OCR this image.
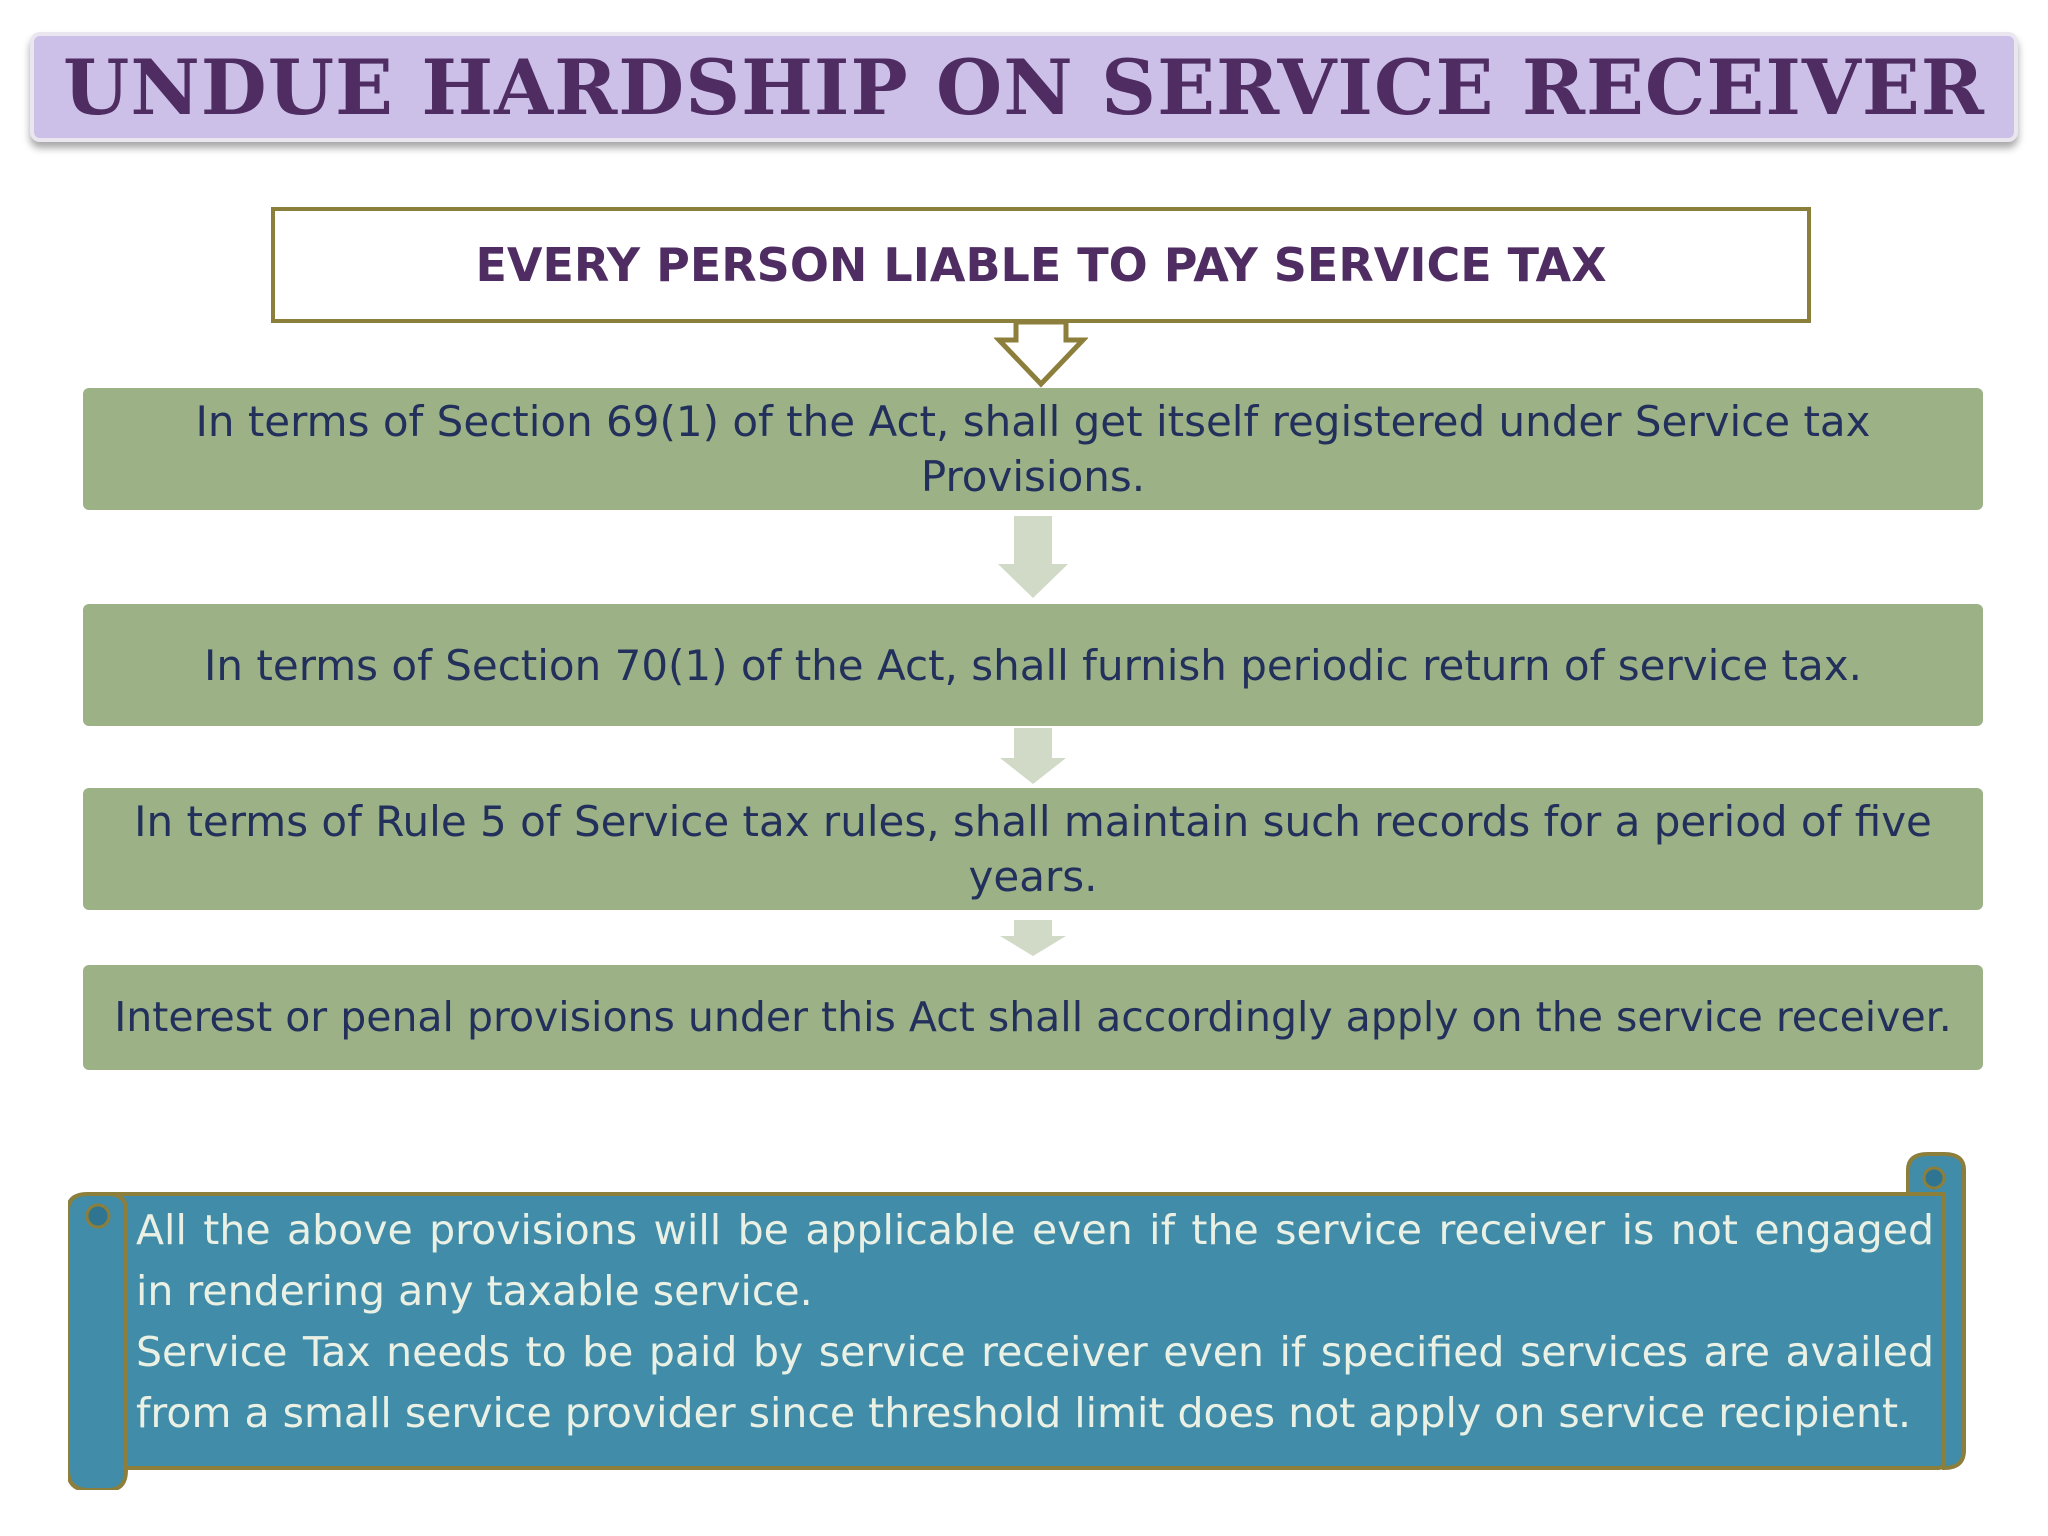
UNDUE HARDSHIP ON SERVICE RECEIVER
EVERY PERSON LIABLE TO PAY SERVICE TAX
In terms of Section 69(1) of the Act, shall get itself registered under Service tax Provisions.
In terms of Section 70(1) of the Act, shall furnish periodic return of service tax.
In terms of Rule 5 of Service tax rules, shall maintain such records for a period of five years.
Interest or penal provisions under this Act shall accordingly apply on the service receiver.

All the above provisions will be applicable even if the service receiver is not engaged in rendering any taxable service.

Service Tax needs to be paid by service receiver even if specified services are availed from a small service provider since threshold limit does not apply on service recipient.
